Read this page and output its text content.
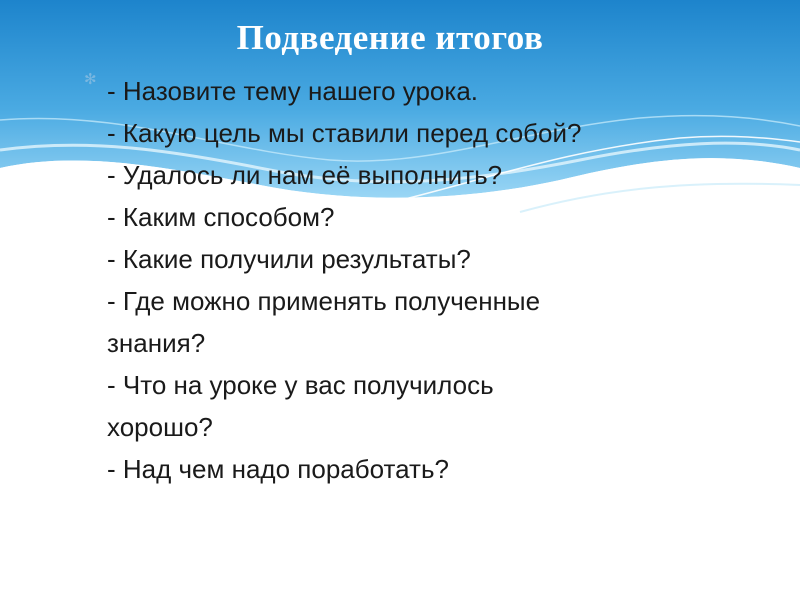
Подведение итогов
✻ - Назовите тему нашего урока.
- Какую цель мы ставили перед собой?
- Удалось ли нам её выполнить?
- Каким способом?
- Какие получили результаты?
- Где можно применять полученные
знания?
- Что на уроке у вас получилось
хорошо?
- Над чем надо поработать?
